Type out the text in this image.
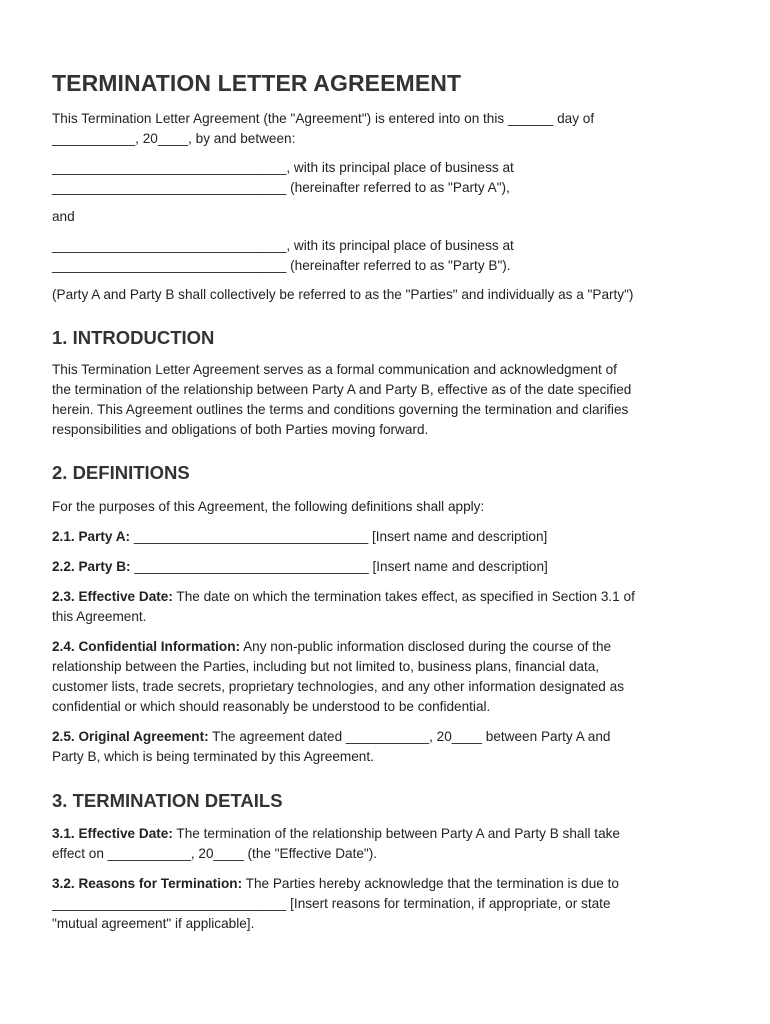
TERMINATION LETTER AGREEMENT

This Termination Letter Agreement (the "Agreement") is entered into on this ______ day of
___________, 20____, by and between:

_______________________________, with its principal place of business at
_______________________________ (hereinafter referred to as "Party A"),

and

_______________________________, with its principal place of business at
_______________________________ (hereinafter referred to as "Party B").

(Party A and Party B shall collectively be referred to as the "Parties" and individually as a "Party")

1. INTRODUCTION

This Termination Letter Agreement serves as a formal communication and acknowledgment of
the termination of the relationship between Party A and Party B, effective as of the date specified
herein. This Agreement outlines the terms and conditions governing the termination and clarifies
responsibilities and obligations of both Parties moving forward.

2. DEFINITIONS

For the purposes of this Agreement, the following definitions shall apply:

2.1. Party A: _______________________________ [Insert name and description]

2.2. Party B: _______________________________ [Insert name and description]

2.3. Effective Date: The date on which the termination takes effect, as specified in Section 3.1 of
this Agreement.

2.4. Confidential Information: Any non-public information disclosed during the course of the
relationship between the Parties, including but not limited to, business plans, financial data,
customer lists, trade secrets, proprietary technologies, and any other information designated as
confidential or which should reasonably be understood to be confidential.

2.5. Original Agreement: The agreement dated ___________, 20____ between Party A and
Party B, which is being terminated by this Agreement.

3. TERMINATION DETAILS

3.1. Effective Date: The termination of the relationship between Party A and Party B shall take
effect on ___________, 20____ (the "Effective Date").

3.2. Reasons for Termination: The Parties hereby acknowledge that the termination is due to
_______________________________ [Insert reasons for termination, if appropriate, or state
"mutual agreement" if applicable].
